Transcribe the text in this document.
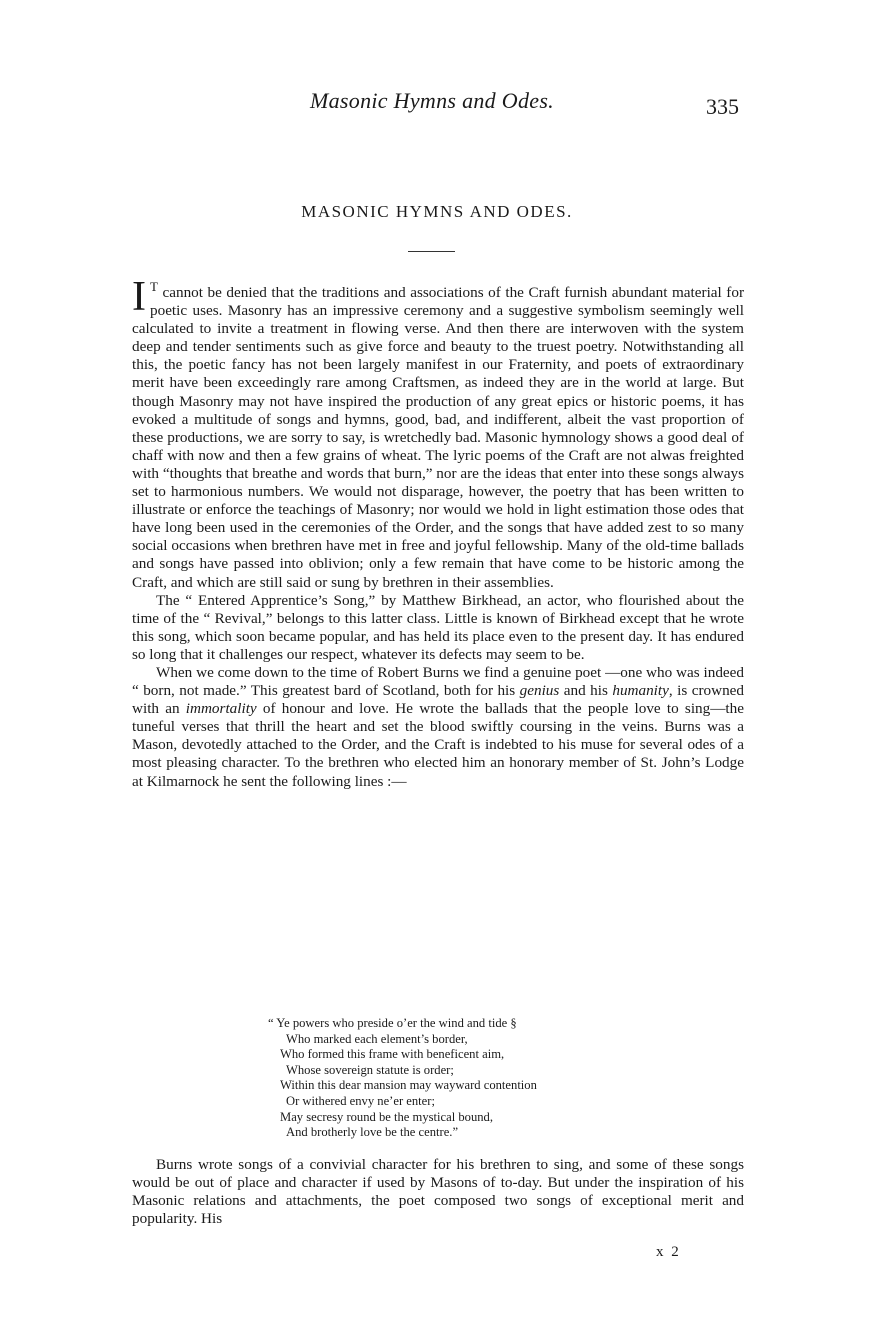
Masonic Hymns and Odes.	335
MASONIC HYMNS AND ODES.

I T cannot be denied that the traditions and associations of the Craft furnish abundant material for poetic uses. Masonry has an impressive ceremony and a suggestive symbolism seemingly well calculated to invite a treatment in flowing verse. And then there are interwoven with the system deep and tender sentiments such as give force and beauty to the truest poetry. Notwithstanding all this, the poetic fancy has not been largely manifest in our Fraternity, and poets of extraordinary merit have been exceedingly rare among Craftsmen, as indeed they are in the world at large. But though Masonry may not have inspired the production of any great epics or historic poems, it has evoked a multitude of songs and hymns, good, bad, and indifferent, albeit the vast proportion of these productions, we are sorry to say, is wretchedly bad. Masonic hymnology shows a good deal of chaff with now and then a few grains of wheat. The lyric poems of the Craft are not alwas freighted with “thoughts that breathe and words that burn,” nor are the ideas that enter into these songs always set to harmonious numbers. We would not disparage, however, the poetry that has been written to illustrate or enforce the teachings of Masonry; nor would we hold in light estimation those odes that have long been used in the ceremonies of the Order, and the songs that have added zest to so many social occasions when brethren have met in free and joyful fellowship. Many of the old-time ballads and songs have passed into oblivion; only a few remain that have come to be historic among the Craft, and which are still said or sung by brethren in their assemblies.

The “ Entered Apprentice’s Song,” by Matthew Birkhead, an actor, who flourished about the time of the “ Revival,” belongs to this latter class. Little is known of Birkhead except that he wrote this song, which soon became popular, and has held its place even to the present day. It has endured so long that it challenges our respect, whatever its defects may seem to be.

When we come down to the time of Robert Burns we find a genuine poet —one who was indeed “ born, not made.” This greatest bard of Scotland, both for his genius and his humanity, is crowned with an immortality of honour and love. He wrote the ballads that the people love to sing—the tuneful verses that thrill the heart and set the blood swiftly coursing in the veins. Burns was a Mason, devotedly attached to the Order, and the Craft is indebted to his muse for several odes of a most pleasing character. To the brethren who elected him an honorary member of St. John’s Lodge at Kilmarnock he sent the following lines :—

“ Ye powers who preside o’er the wind and tide §
Who marked each element’s border,
Who formed this frame with beneficent aim,
Whose sovereign statute is order;
Within this dear mansion may wayward contention
Or withered envy ne’er enter;
May secresy round be the mystical bound,
And brotherly love be the centre.”

Burns wrote songs of a convivial character for his brethren to sing, and some of these songs would be out of place and character if used by Masons of to-day. But under the inspiration of his Masonic relations and attachments, the poet composed two songs of exceptional merit and popularity. His

x 2
